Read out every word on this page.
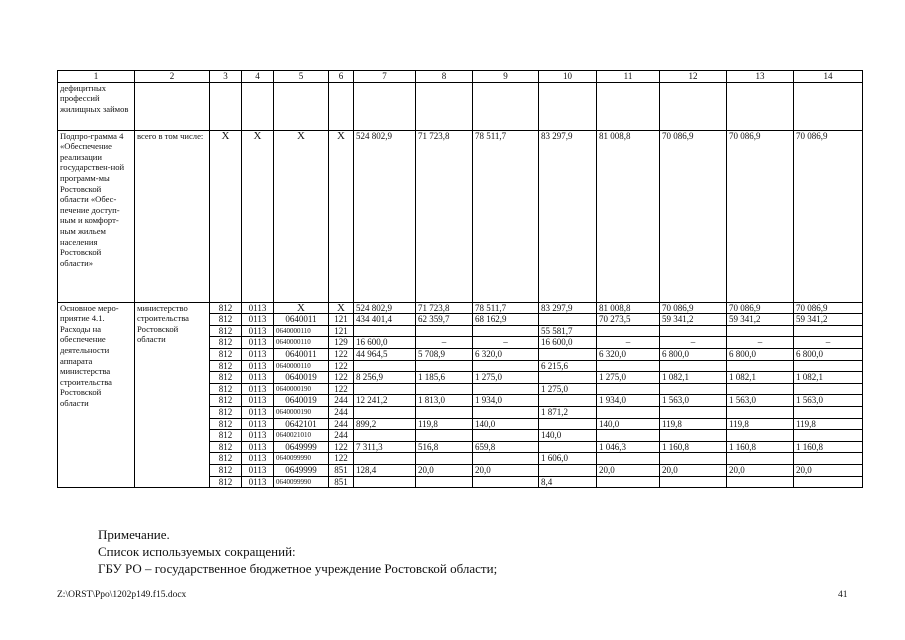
1	2	3	4	5	6	7	8	9	10	11	12	13	14
дефицитных профессий жилищных займов													
Подпро-грамма 4 «Обеспечение реализации государствен-ной программ-мы Ростовской области «Обес-печение доступ-ным и комфорт-ным жильем населения Ростовской области»	всего в том числе:	Х	Х	Х	Х	524 802,9	71 723,8	78 511,7	83 297,9	81 008,8	70 086,9	70 086,9	70 086,9
Основное меро-приятие 4.1. Расходы на обеспечение деятельности аппарата министерства строительства Ростовской области	министерство строительства Ростовской области	812	0113	Х	Х	524 802,9	71 723,8	78 511,7	83 297,9	81 008,8	70 086,9	70 086,9	70 086,9
		812	0113	0640011	121	434 401,4	62 359,7	68 162,9		70 273,5	59 341,2	59 341,2	59 341,2
		812	0113	0640000110	121				55 581,7				
		812	0113	0640000110	129	16 600,0	–	–	16 600,0	–	–	–	–
		812	0113	0640011	122	44 964,5	5 708,9	6 320,0		6 320,0	6 800,0	6 800,0	6 800,0
		812	0113	0640000110	122				6 215,6				
		812	0113	0640019	122	8 256,9	1 185,6	1 275,0		1 275,0	1 082,1	1 082,1	1 082,1
		812	0113	0640000190	122				1 275,0				
		812	0113	0640019	244	12 241,2	1 813,0	1 934,0		1 934,0	1 563,0	1 563,0	1 563,0
		812	0113	0640000190	244				1 871,2				
		812	0113	0642101	244	899,2	119,8	140,0		140,0	119,8	119,8	119,8
		812	0113	0640021010	244				140,0				
		812	0113	0649999	122	7 311,3	516,8	659,8		1 046,3	1 160,8	1 160,8	1 160,8
		812	0113	0640099990	122				1 606,0				
		812	0113	0649999	851	128,4	20,0	20,0		20,0	20,0	20,0	20,0
		812	0113	0640099990	851				8,4				
Примечание.
Список используемых сокращений:
ГБУ РО – государственное бюджетное учреждение Ростовской области;
Z:\ORST\Ppo\1202p149.f15.docx	41
